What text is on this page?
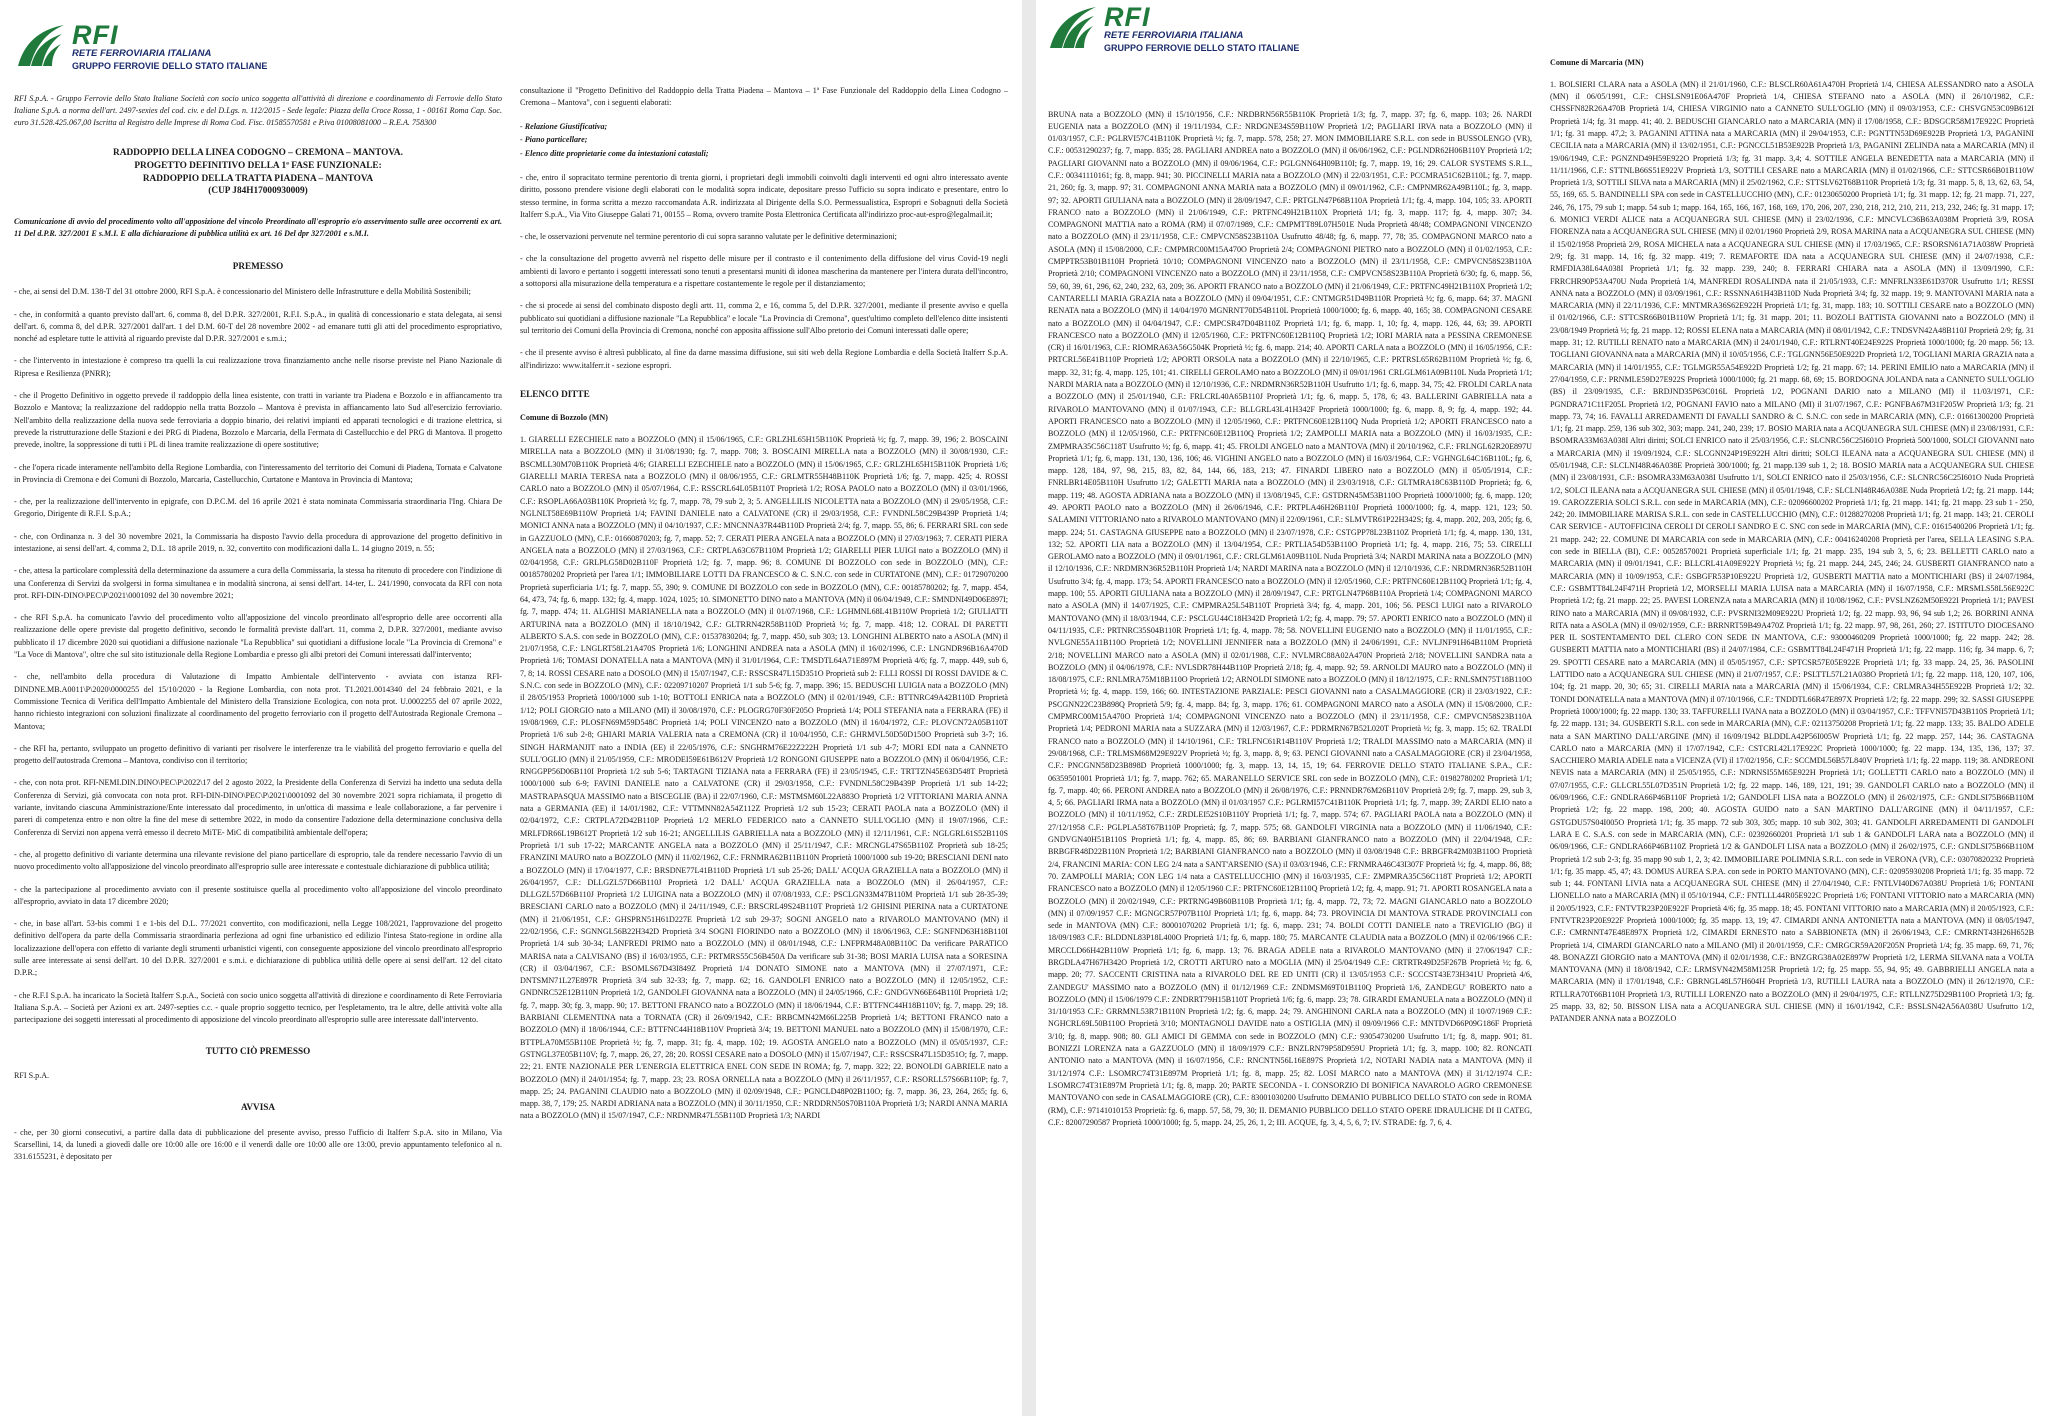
RFI
RETE FERROVIARIA ITALIANA
GRUPPO FERROVIE DELLO STATO ITALIANE

RFI S.p.A. - Gruppo Ferrovie dello Stato Italiane Società con socio unico soggetta all'attività di direzione e coordinamento di Ferrovie dello Stato Italiane S.p.A. a norma dell'art. 2497-sexies del cod. civ. e del D.Lgs. n. 112/2015 - Sede legale: Piazza della Croce Rossa, 1 - 00161 Roma Cap. Soc. euro 31.528.425.067,00 Iscritta al Registro delle Imprese di Roma Cod. Fisc. 01585570581 e P.iva 01008081000 – R.E.A. 758300

RADDOPPIO DELLA LINEA CODOGNO – CREMONA – MANTOVA.
PROGETTO DEFINITIVO DELLA 1ª FASE FUNZIONALE:
RADDOPPIO DELLA TRATTA PIADENA – MANTOVA
(CUP J84H17000930009)

Comunicazione di avvio del procedimento volto all'apposizione del vincolo Preordinato all'esproprio e/o asservimento sulle aree occorrenti ex art. 11 Del d.P.R. 327/2001 E s.M.I. E alla dichiarazione di pubblica utilità ex art. 16 Del dpr 327/2001 e s.M.I.

PREMESSO

- che, ai sensi del D.M. 138-T del 31 ottobre 2000, RFI S.p.A. è concessionario del Ministero delle Infrastrutture e della Mobilità Sostenibili;

- che, in conformità a quanto previsto dall'art. 6, comma 8, del D.P.R. 327/2001, R.F.I. S.p.A., in qualità di concessionario e stata delegata, ai sensi dell'art. 6, comma 8, del d.P.R. 327/2001 dall'art. 1 del D.M. 60-T del 28 novembre 2002 - ad emanare tutti gli atti del procedimento espropriativo, nonché ad espletare tutte le attività al riguardo previste dal D.P.R. 327/2001 e s.m.i.;

- che l'intervento in intestazione è compreso tra quelli la cui realizzazione trova finanziamento anche nelle risorse previste nel Piano Nazionale di Ripresa e Resilienza (PNRR);

- che il Progetto Definitivo in oggetto prevede il raddoppio della linea esistente, con tratti in variante tra Piadena e Bozzolo e in affiancamento tra Bozzolo e Mantova; la realizzazione del raddoppio nella tratta Bozzolo – Mantova è prevista in affiancamento lato Sud all'esercizio ferroviario. Nell'ambito della realizzazione della nuova sede ferroviaria a doppio binario, dei relativi impianti ed apparati tecnologici e di trazione elettrica, si prevede la ristrutturazione delle Stazioni e dei PRG di Piadena, Bozzolo e Marcaria, della Fermata di Castellucchio e del PRG di Mantova. Il progetto prevede, inoltre, la soppressione di tutti i PL di linea tramite realizzazione di opere sostitutive;

- che l'opera ricade interamente nell'ambito della Regione Lombardia, con l'interessamento del territorio dei Comuni di Piadena, Tornata e Calvatone in Provincia di Cremona e dei Comuni di Bozzolo, Marcaria, Castellucchio, Curtatone e Mantova in Provincia di Mantova;

- che, per la realizzazione dell'intervento in epigrafe, con D.P.C.M. del 16 aprile 2021 è stata nominata Commissaria straordinaria l'Ing. Chiara De Gregorio, Dirigente di R.F.I. S.p.A.;

- che, con Ordinanza n. 3 del 30 novembre 2021, la Commissaria ha disposto l'avvio della procedura di approvazione del progetto definitivo in intestazione, ai sensi dell'art. 4, comma 2, D.L. 18 aprile 2019, n. 32, convertito con modificazioni dalla L. 14 giugno 2019, n. 55;

- che, attesa la particolare complessità della determinazione da assumere a cura della Commissaria, la stessa ha ritenuto di procedere con l'indizione di una Conferenza di Servizi da svolgersi in forma simultanea e in modalità sincrona, ai sensi dell'art. 14-ter, L. 241/1990, convocata da RFI con nota prot. RFI-DIN-DINO\PEC\P\2021\0001092 del 30 novembre 2021;

- che RFI S.p.A. ha comunicato l'avvio del procedimento volto all'apposizione del vincolo preordinato all'esproprio delle aree occorrenti alla realizzazione delle opere previste dal progetto definitivo, secondo le formalità previste dall'art. 11, comma 2, D.P.R. 327/2001, mediante avviso pubblicato il 17 dicembre 2020 sui quotidiani a diffusione nazionale "La Repubblica" sui quotidiani a diffusione locale "La Provincia di Cremona" e "La Voce di Mantova", oltre che sul sito istituzionale della Regione Lombardia e presso gli albi pretori dei Comuni interessati dall'intervento;

- che, nell'ambito della procedura di Valutazione di Impatto Ambientale dell'intervento - avviata con istanza RFI-DINDNE.MB.A0011\P\2020\0000255 del 15/10/2020 - la Regione Lombardia, con nota prot. T1.2021.0014340 del 24 febbraio 2021, e la Commissione Tecnica di Verifica dell'Impatto Ambientale del Ministero della Transizione Ecologica, con nota prot. U.0002255 del 07 aprile 2022, hanno richiesto integrazioni con soluzioni finalizzate al coordinamento del progetto ferroviario con il progetto dell'Autostrada Regionale Cremona – Mantova;

- che RFI ha, pertanto, sviluppato un progetto definitivo di varianti per risolvere le interferenze tra le viabilità del progetto ferroviario e quella del progetto dell'autostrada Cremona – Mantova, condiviso con il territorio;

- che, con nota prot. RFI-NEMI.DIN.DINO\PEC\P\2022\17 del 2 agosto 2022, la Presidente della Conferenza di Servizi ha indetto una seduta della Conferenza di Servizi, già convocata con nota prot. RFI-DIN-DINO\PEC\P\2021\0001092 del 30 novembre 2021 sopra richiamata, il progetto di variante, invitando ciascuna Amministrazione/Ente interessato dal procedimento, in un'ottica di massima e leale collaborazione, a far pervenire i pareri di competenza entro e non oltre la fine del mese di settembre 2022, in modo da consentire l'adozione della determinazione conclusiva della Conferenza di Servizi non appena verrà emesso il decreto MiTE- MiC di compatibilità ambientale dell'opera;

- che, al progetto definitivo di variante determina una rilevante revisione del piano particellare di esproprio, tale da rendere necessario l'avvio di un nuovo procedimento volto all'apposizione del vincolo preordinato all'esproprio sulle aree interessate e contestuale dichiarazione di pubblica utilità;

- che la partecipazione al procedimento avviato con il presente sostituisce quella al procedimento volto all'apposizione del vincolo preordinato all'esproprio, avviato in data 17 dicembre 2020;

- che, in base all'art. 53-bis commi 1 e 1-bis del D.L. 77/2021 convertito, con modificazioni, nella Legge 108/2021, l'approvazione del progetto definitivo dell'opera da parte della Commissaria straordinaria perfeziona ad ogni fine urbanistico ed edilizio l'intesa Stato-regione in ordine alla localizzazione dell'opera con effetto di variante degli strumenti urbanistici vigenti, con conseguente apposizione del vincolo preordinato all'esproprio sulle aree interessate ai sensi dell'art. 10 del D.P.R. 327/2001 e s.m.i. e dichiarazione di pubblica utilità delle opere ai sensi dell'art. 12 del citato D.P.R.;

- che R.F.I S.p.A. ha incaricato la Società Italferr S.p.A., Società con socio unico soggetta all'attività di direzione e coordinamento di Rete Ferroviaria Italiana S.p.A. – Società per Azioni ex art. 2497-septies c.c. - quale proprio soggetto tecnico, per l'espletamento, tra le altre, delle attività volte alla partecipazione dei soggetti interessati al procedimento di apposizione del vincolo preordinato all'esproprio sulle aree interessate dall'intervento.

TUTTO CIÒ PREMESSO

RFI S.p.A.

AVVISA

- che, per 30 giorni consecutivi, a partire dalla data di pubblicazione del presente avviso, presso l'ufficio di Italferr S.p.A. sito in Milano, Via Scarsellini, 14, da lunedì a giovedì dalle ore 10:00 alle ore 16:00 e il venerdì dalle ore 10:00 alle ore 13:00, previo appuntamento telefonico al n. 331.6155231, è depositato per

consultazione il "Progetto Definitivo del Raddoppio della Tratta Piadena – Mantova – 1ª Fase Funzionale del Raddoppio della Linea Codogno – Cremona – Mantova", con i seguenti elaborati:

- Relazione Giustificativa;
- Piano particellare;
- Elenco ditte proprietarie come da intestazioni catastali;

- che, entro il sopracitato termine perentorio di trenta giorni, i proprietari degli immobili coinvolti dagli interventi ed ogni altro interessato avente diritto, possono prendere visione degli elaborati con le modalità sopra indicate, depositare presso l'ufficio su sopra indicato e presentare, entro lo stesso termine, in forma scritta a mezzo raccomandata A.R. indirizzata al Dirigente della S.O. Permessualistica, Espropri e Sobagnuti della Società Italferr S.p.A., Via Vito Giuseppe Galati 71, 00155 – Roma, ovvero tramite Posta Elettronica Certificata all'indirizzo proc-aut-espro@legalmail.it;

- che, le osservazioni pervenute nel termine perentorio di cui sopra saranno valutate per le definitive determinazioni;

- che la consultazione del progetto avverrà nel rispetto delle misure per il contrasto e il contenimento della diffusione del virus Covid-19 negli ambienti di lavoro e pertanto i soggetti interessati sono tenuti a presentarsi muniti di idonea mascherina da mantenere per l'intera durata dell'incontro, a sottoporsi alla misurazione della temperatura e a rispettare costantemente le regole per il distanziamento;

- che si procede ai sensi del combinato disposto degli artt. 11, comma 2, e 16, comma 5, del D.P.R. 327/2001, mediante il presente avviso e quella pubblicato sui quotidiani a diffusione nazionale "La Repubblica" e locale "La Provincia di Cremona", quest'ultimo completo dell'elenco ditte insistenti sul territorio dei Comuni della Provincia di Cremona, nonché con apposita affissione sull'Albo pretorio dei Comuni interessati dalle opere;

- che il presente avviso è altresì pubblicato, al fine da darne massima diffusione, sui siti web della Regione Lombardia e della Società Italferr S.p.A. all'indirizzo: www.italferr.it - sezione espropri.

ELENCO DITTE
Comune di Bozzolo (MN)

1. GIARELLI EZECHIELE nato a BOZZOLO (MN) il 15/06/1965, C.F.: GRLZHL65H15B110K Proprietà ½; fg. 7, mapp. 39, 196; 2. BOSCAINI MIRELLA nata a BOZZOLO (MN) il 31/08/1930; fg. 7, mapp. 708; 3. BOSCAINI MIRELLA nata a BOZZOLO (MN) il 30/08/1930, C.F.: BSCMLL30M70B110K Proprietà 4/6; GIARELLI EZECHIELE nato a BOZZOLO (MN) il 15/06/1965, C.F.: GRLZHL65H15B110K Proprietà 1/6; GIARELLI MARIA TERESA nata a BOZZOLO (MN) il 08/06/1955, C.F.: GRLMTR55H48B110K Proprietà 1/6; fg. 7, mapp. 425; 4. ROSSI CARLO nato a BOZZOLO (MN) il 05/07/1964, C.F.: RSSCRL64L05B110T Proprietà 1/2; ROSA PAOLO nato a BOZZOLO (MN) il 03/01/1966, C.F.: RSOPLA66A03B110K Proprietà ½; fg. 7, mapp. 78, 79 sub 2, 3; 5. ANGELLILIS NICOLETTA nata a BOZZOLO (MN) il 29/05/1958, C.F.: NGLNLT58E69B110W Proprietà 1/4; FAVINI DANIELE nato a CALVATONE (CR) il 29/03/1958, C.F.: FVNDNL58C29B439P Proprietà 1/4; MONICI ANNA nata a BOZZOLO (MN) il 04/10/1937, C.F.: MNCNNA37R44B110D Proprietà 2/4; fg. 7, mapp. 55, 86; 6. FERRARI SRL con sede in GAZZUOLO (MN), C.F.: 01660870203; fg. 7, mapp. 52; 7. CERATI PIERA ANGELA nata a BOZZOLO (MN) il 27/03/1963; 7. CERATI PIERA ANGELA nata a BOZZOLO (MN) il 27/03/1963, C.F.: CRTPLA63C67B110M Proprietà 1/2; GIARELLI PIER LUIGI nato a BOZZOLO (MN) il 02/04/1958, C.F.: GRLPLG58D02B110F Proprietà 1/2; fg. 7, mapp. 96; 8. COMUNE DI BOZZOLO con sede in BOZZOLO (MN), C.F.: 00185780202 Proprietà per l'area 1/1; IMMOBILIARE LOTTI DA FRANCESCO & C. S.N.C. con sede in CURTATONE (MN), C.F.: 01729070200 Proprietà superficiaria 1/1; fg. 7, mapp. 55, 390; 9. COMUNE DI BOZZOLO con sede in BOZZOLO (MN), C.F.: 00185780202; fg. 7, mapp. 454, 64, 473, 74; fg. 6, mapp. 132; fg. 4, mapp. 1024, 1025; 10. SIMONETTO DINO nato a MANTOVA (MN) il 06/04/1949, C.F.: SMNDNI49D06E897I; fg. 7, mapp. 474; 11. ALGHISI MARIANELLA nata a BOZZOLO (MN) il 01/07/1968, C.F.: LGHMNL68L41B110W Proprietà 1/2; GIULIATTI ARTURINA nata a BOZZOLO (MN) il 18/10/1942, C.F.: GLTRRN42R58B110D Proprietà ½; fg. 7, mapp. 418; 12. CORAL DI PARETTI ALBERTO S.A.S. con sede in BOZZOLO (MN), C.F.: 01537830204; fg. 7, mapp. 450, sub 303; 13. LONGHINI ALBERTO nato a ASOLA (MN) il 21/07/1958, C.F.: LNGLRT58L21A470S Proprietà 1/6; LONGHINI ANDREA nata a ASOLA (MN) il 16/02/1996, C.F.: LNGNDR96B16A470D Proprietà 1/6; TOMASI DONATELLA nata a MANTOVA (MN) il 31/01/1964, C.F.: TMSDTL64A71E897M Proprietà 4/6; fg. 7, mapp. 449, sub 6, 7, 8; 14. ROSSI CESARE nato a DOSOLO (MN) il 15/07/1947, C.F.: RSSCSR47L15D351O Proprietà sub 2: F.LLI ROSSI DI ROSSI DAVIDE & C. S.N.C. con sede in BOZZOLO (MN), C.F.: 02209710207 Proprietà 1/1 sub 5-6; fg. 7, mapp. 396; 15. BEDUSCHI LUIGIA nata a BOZZOLO (MN) il 28/05/1953 Proprietà 1000/1000 sub 1-10; BOTTOLI ENRICA nata a BOZZOLO (MN) il 02/01/1949, C.F.: BTTNRC49A42B110D Proprietà 1/12; POLI GIORGIO nato a MILANO (MI) il 30/08/1970, C.F.: PLOGRG70F30F205O Proprietà 1/4; POLI STEFANIA nata a FERRARA (FE) il 19/08/1969, C.F.: PLOSFN69M59D548C Proprietà 1/4; POLI VINCENZO nato a BOZZOLO (MN) il 16/04/1972, C.F.: PLOVCN72A05B110T Proprietà 1/6 sub 2-8; GHIARI MARIA VALERIA nata a CREMONA (CR) il 10/04/1950, C.F.: GHRMVL50D50D150O Proprietà sub 3-7; 16. SINGH HARMANJIT nato a INDIA (EE) il 22/05/1976, C.F.: SNGHRM76E22Z222H Proprietà 1/1 sub 4-7; MORI EDI nata a CANNETO SULL'OGLIO (MN) il 21/05/1959, C.F.: MRODEI59E61B612V Proprietà 1/2 RONGONI GIUSEPPE nato a BOZZOLO (MN) il 06/04/1956, C.F.: RNGGPP56D06B110I Proprietà 1/2 sub 5-6; TARTAGNI TIZIANA nata a FERRARA (FE) il 23/05/1945, C.F.: TRTTZN45E63D548T Proprietà 1000/1000 sub 6-9; FAVINI DANIELE nato a CALVATONE (CR) il 29/03/1958, C.F.: FVNDNL58C29B439P Proprietà 1/1 sub 14-22; MASTRAPASQUA MASSIMO nato a BISCEGLIE (BA) il 22/07/1960, C.F.: MSTMSM60L22A883O Proprietà 1/2 VITTORIANI MARIA ANNA nata a GERMANIA (EE) il 14/01/1982, C.F.: VTTMNN82A54Z112Z Proprietà 1/2 sub 15-23; CERATI PAOLA nata a BOZZOLO (MN) il 02/04/1972, C.F.: CRTPLA72D42B110P Proprietà 1/2 MERLO FEDERICO nato a CANNETO SULL'OGLIO (MN) il 19/07/1966, C.F.: MRLFDR66L19B612T Proprietà 1/2 sub 16-21; ANGELLILIS GABRIELLA nata a BOZZOLO (MN) il 12/11/1961, C.F.: NGLGRL61S52B110S Proprietà 1/1 sub 17-22; MARCANTE ANGELA nata a BOZZOLO (MN) il 25/11/1947, C.F.: MRCNGL47S65B110Z Proprietà sub 18-25; FRANZINI MAURO nato a BOZZOLO (MN) il 11/02/1962, C.F.: FRNMRA62B11B110N Proprietà 1000/1000 sub 19-20; BRESCIANI DENI nato a BOZZOLO (MN) il 17/04/1977, C.F.: BRSDNE77L41B110D Proprietà 1/1 sub 25-26; DALL' ACQUA GRAZIELLA nata a BOZZOLO (MN) il 26/04/1957, C.F.: DLLGZL57D66B110J Proprietà 1/2 DALL' ACQUA GRAZIELLA nata a BOZZOLO (MN) il 26/04/1957, C.F.: DLLGZL57D66B110J Proprietà 1/2 LUIGINA nata a BOZZOLO (MN) il 07/08/1933, C.F.: PSCLGN33M47B110M Proprietà 1/1 sub 28-35-39; BRESCIANI CARLO nato a BOZZOLO (MN) il 24/11/1949, C.F.: BRSCRL49S24B110T Proprietà 1/2 GHISINI PIERINA nata a CURTATONE (MN) il 21/06/1951, C.F.: GHSPRN51H61D227E Proprietà 1/2 sub 29-37; SOGNI ANGELO nato a RIVAROLO MANTOVANO (MN) il 22/02/1956, C.F.: SGNNGL56B22H342D Proprietà 3/4 SOGNI FIORINDO nato a BOZZOLO (MN) il 18/06/1963, C.F.: SGNFND63H18B110I Proprietà 1/4 sub 30-34; LANFREDI PRIMO nato a BOZZOLO (MN) il 08/01/1948, C.F.: LNFPRM48A08B110C Da verificare PARATICO MARISA nata a CALVISANO (BS) il 16/03/1955, C.F.: PRTMRS55C56B450A Da verificare sub 31-38; BOSI MARIA LUISA nata a SORESINA (CR) il 03/04/1967, C.F.: BSOMLS67D43I849Z Proprietà 1/4 DONATO SIMONE nato a MANTOVA (MN) il 27/07/1971, C.F.: DNTSMN71L27E897R Proprietà 3/4 sub 32-33; fg. 7, mapp. 62; 16. GANDOLFI ENRICO nato a BOZZOLO (MN) il 12/05/1952, C.F.: GNDNRC52E12B110N Proprietà 1/2, GANDOLFI GIOVANNA nata a BOZZOLO (MN) il 24/05/1966, C.F.: GNDGVN66E64B110I Proprietà 1/2; fg. 7, mapp. 30; fg. 3, mapp. 90; 17. BETTONI FRANCO nato a BOZZOLO (MN) il 18/06/1944, C.F.: BTTFNC44H18B110V; fg. 7, mapp. 29; 18. BARBIANI CLEMENTINA nata a TORNATA (CR) il 26/09/1942, C.F.: BRBCMN42M66L225B Proprietà 1/4; BETTONI FRANCO nato a BOZZOLO (MN) il 18/06/1944, C.F.: BTTFNC44H18B110V Proprietà 3/4; 19. BETTONI MANUEL nato a BOZZOLO (MN) il 15/08/1970, C.F.: BTTPLA70M55B110E Proprietà ½; fg. 7, mapp. 31; fg. 4, mapp. 102; 19. AGOSTA ANGELO nato a BOZZOLO (MN) il 05/05/1937, C.F.: GSTNGL37E05B110V; fg. 7, mapp. 26, 27, 28; 20. ROSSI CESARE nato a DOSOLO (MN) il 15/07/1947, C.F.: RSSCSR47L15D351O; fg. 7, mapp. 22; 21. ENTE NAZIONALE PER L'ENERGIA ELETTRICA ENEL CON SEDE IN ROMA; fg. 7, mapp. 322; 22. BONOLDI GABRIELE nato a BOZZOLO (MN) il 24/01/1954; fg. 7, mapp. 23; 23. ROSA ORNELLA nata a BOZZOLO (MN) il 26/11/1957, C.F.: RSORLL57S66B110P; fg. 7, mapp. 25; 24. PAGANINI CLAUDIO nato a BOZZOLO (MN) il 02/09/1948, C.F.: PGNCLD48P02B110O; fg. 7, mapp. 36, 23, 264, 265; fg. 6, mapp. 38, 7, 179; 25. NARDI ADRIANA nata a BOZZOLO (MN) il 30/11/1950, C.F.: NRDDRN50S70B110A Proprietà 1/3; NARDI ANNA MARIA nata a BOZZOLO (MN) il 15/07/1947, C.F.: NRDNMR47L55B110D Proprietà 1/3; NARDI

RFI
RETE FERROVIARIA ITALIANA
GRUPPO FERROVIE DELLO STATO ITALIANE

BRUNA nata a BOZZOLO (MN) il 15/10/1956, C.F.: NRDBRN56R55B110K Proprietà 1/3; fg. 7, mapp. 37; fg. 6, mapp. 103; 26. NARDI EUGENIA nata a BOZZOLO (MN) il 19/11/1934, C.F.: NRDGNE34S59B110W Proprietà 1/2; PAGLIARI IRVA nata a BOZZOLO (MN) il 01/03/1957, C.F.: PGLRVI57C41B110K Proprietà ½; fg. 7, mapp. 578, 258; 27. MON IMMOBILIARE S.R.L. con sede in BUSSOLENGO (VR), C.F.: 00531290237; fg. 7, mapp. 835; 28. PAGLIARI ANDREA nato a BOZZOLO (MN) il 06/06/1962, C.F.: PGLNDR62H06B110Y Proprietà 1/2; PAGLIARI GIOVANNI nato a BOZZOLO (MN) il 09/06/1964, C.F.: PGLGNN64H09B110I; fg. 7, mapp. 19, 16; 29. CALOR SYSTEMS S.R.L., C.F.: 00341110161; fg. 8, mapp. 941; 30. PICCINELLI MARIA nata a BOZZOLO (MN) il 22/03/1951, C.F.: PCCMRA51C62B110L; fg. 7, mapp. 21, 260; fg. 3, mapp. 97; 31. COMPAGNONI ANNA MARIA nata a BOZZOLO (MN) il 09/01/1962, C.F.: CMPNMR62A49B110L; fg. 3, mapp. 97; 32. APORTI GIULIANA nata a BOZZOLO (MN) il 28/09/1947, C.F.: PRTGLN47P68B110A Proprietà 1/1; fg. 4, mapp. 104, 105; 33. APORTI FRANCO nato a BOZZOLO (MN) il 21/06/1949, C.F.: PRTFNC49H21B110X Proprietà 1/1; fg. 3, mapp. 117; fg. 4, mapp. 307; 34. COMPAGNONI MATTIA nato a ROMA (RM) il 07/07/1989, C.F.: CMPMTT89L07H501E Nuda Proprietà 48/48; COMPAGNONI VINCENZO nato a BOZZOLO (MN) il 23/11/1958, C.F.: CMPVCN58S23B110A Usufrutto 48/48; fg. 6, mapp. 77, 78; 35. COMPAGNONI MARCO nato a ASOLA (MN) il 15/08/2000, C.F.: CMPMRC00M15A470O Proprietà 2/4; COMPAGNONI PIETRO nato a BOZZOLO (MN) il 01/02/1953, C.F.: CMPPTR53B01B110H Proprietà 10/10; COMPAGNONI VINCENZO nato a BOZZOLO (MN) il 23/11/1958, C.F.: CMPVCN58S23B110A Proprietà 2/10; COMPAGNONI VINCENZO nato a BOZZOLO (MN) il 23/11/1958, C.F.: CMPVCN58S23B110A Proprietà 6/30; fg. 6, mapp. 56, 59, 60, 39, 61, 296, 62, 240, 232, 63, 209; 36. APORTI FRANCO nato a BOZZOLO (MN) il 21/06/1949, C.F.: PRTFNC49H21B110X Proprietà 1/2; CANTARELLI MARIA GRAZIA nata a BOZZOLO (MN) il 09/04/1951, C.F.: CNTMGR51D49B110R Proprietà ½; fg. 6, mapp. 64; 37. MAGNI RENATA nata a BOZZOLO (MN) il 14/04/1970 MGNRNT70D54B110L Proprietà 1000/1000; fg. 6, mapp. 40, 165; 38. COMPAGNONI CESARE nato a BOZZOLO (MN) il 04/04/1947, C.F.: CMPCSR47D04B110Z Proprietà 1/1; fg. 6, mapp. 1, 10; fg. 4, mapp. 126, 44, 63; 39. APORTI FRANCESCO nato a BOZZOLO (MN) il 12/05/1960, C.F.: PRTFNC60E12B110Q Proprietà 1/2; IORI MARIA nata a PESSINA CREMONESE (CR) il 16/01/1963, C.F.: RIOMRA63A56G504K Proprietà ½; fg. 6, mapp. 214; 40. APORTI CARLA nata a BOZZOLO (MN) il 16/05/1956, C.F.: PRTCRL56E41B110P Proprietà 1/2; APORTI ORSOLA nata a BOZZOLO (MN) il 22/10/1965, C.F.: PRTRSL65R62B110M Proprietà ½; fg. 6, mapp. 32, 31; fg. 4, mapp. 125, 101; 41. CIRELLI GEROLAMO nato a BOZZOLO (MN) il 09/01/1961 CRLGLM61A09B110L Nuda Proprietà 1/1; NARDI MARIA nata a BOZZOLO (MN) il 12/10/1936, C.F.: NRDMRN36R52B110H Usufrutto 1/1; fg. 6, mapp. 34, 75; 42. FROLDI CARLA nata a BOZZOLO (MN) il 25/01/1940, C.F.: FRLCRL40A65B110J Proprietà 1/1; fg. 6, mapp. 5, 178, 6; 43. BALLERINI GABRIELLA nata a RIVAROLO MANTOVANO (MN) il 01/07/1943, C.F.: BLLGRL43L41H342F Proprietà 1000/1000; fg. 6, mapp. 8, 9; fg. 4, mapp. 192; 44. APORTI FRANCESCO nato a BOZZOLO (MN) il 12/05/1960, C.F.: PRTFNC60E12B110Q Nuda Proprietà 1/2; APORTI FRANCESCO nato a BOZZOLO (MN) il 12/05/1960, C.F.: PRTFNC60E12B110Q Proprietà 1/2; ZAMPOLLI MARIA nata a BOZZOLO (MN) il 16/03/1935, C.F.: ZMPMRA35C56C118T Usufrutto ½; fg. 6, mapp. 41; 45. FROLDI ANGELO nato a MANTOVA (MN) il 20/10/1962, C.F.: FRLNGL62R20E897U Proprietà 1/1; fg. 6, mapp. 131, 130, 136, 106; 46. VIGHINI ANGELO nato a BOZZOLO (MN) il 16/03/1964, C.F.: VGHNGL64C16B110L; fg. 6, mapp. 128, 184, 97, 98, 215, 83, 82, 84, 144, 66, 183, 213; 47. FINARDI LIBERO nato a BOZZOLO (MN) il 05/05/1914, C.F.: FNRLBR14E05B110H Usufrutto 1/2; GALETTI MARIA nata a BOZZOLO (MN) il 23/03/1918, C.F.: GLTMRA18C63B110D Proprietà; fg. 6, mapp. 119; 48. AGOSTA ADRIANA nata a BOZZOLO (MN) il 13/08/1945, C.F.: GSTDRN45M53B110O Proprietà 1000/1000; fg. 6, mapp. 120; 49. APORTI PAOLO nato a BOZZOLO (MN) il 26/06/1946, C.F.: PRTPLA46H26B110J Proprietà 1000/1000; fg. 4, mapp. 121, 123; 50. SALAMINI VITTORIANO nato a RIVAROLO MANTOVANO (MN) il 22/09/1961, C.F.: SLMVTR61P22H342S; fg. 4, mapp. 202, 203, 205; fg. 6, mapp. 224; 51. CASTAGNA GIUSEPPE nato a BOZZOLO (MN) il 23/07/1978, C.F.: CSTGPP78L23B110Z Proprietà 1/1; fg. 4, mapp. 130, 131, 132; 52. APORTI LIA nata a BOZZOLO (MN) il 13/04/1954, C.F.: PRTLIA54D53B110O Proprietà 1/1; fg. 4, mapp. 216, 75; 53. CIRELLI GEROLAMO nato a BOZZOLO (MN) il 09/01/1961, C.F.: CRLGLM61A09B110L Nuda Proprietà 3/4; NARDI MARINA nata a BOZZOLO (MN) il 12/10/1936, C.F.: NRDMRN36R52B110H Proprietà 1/4; NARDI MARINA nata a BOZZOLO (MN) il 12/10/1936, C.F.: NRDMRN36R52B110H Usufrutto 3/4; fg. 4, mapp. 173; 54. APORTI FRANCESCO nato a BOZZOLO (MN) il 12/05/1960, C.F.: PRTFNC60E12B110Q Proprietà 1/1; fg. 4, mapp. 100; 55. APORTI GIULIANA nata a BOZZOLO (MN) il 28/09/1947, C.F.: PRTGLN47P68B110A Proprietà 1/4; COMPAGNONI MARCO nato a ASOLA (MN) il 14/07/1925, C.F.: CMPMRA25L54B110T Proprietà 3/4; fg. 4, mapp. 201, 106; 56. PESCI LUIGI nato a RIVAROLO MANTOVANO (MN) il 18/03/1944, C.F.: PSCLGU44C18H342D Proprietà 1/2; fg. 4, mapp. 79; 57. APORTI ENRICO nato a BOZZOLO (MN) il 04/11/1935, C.F.: PRTNRC35S04B110R Proprietà 1/1; fg. 4, mapp. 78; 58. NOVELLINI EUGENIO nato a BOZZOLO (MN) il 11/01/1955, C.F.: NVLGNE55A11B110O Proprietà 1/2; NOVELLINI JENNIFER nata a BOZZOLO (MN) il 24/06/1991, C.F.: NVLJNF91H64B110M Proprietà 2/18; NOVELLINI MARCO nato a ASOLA (MN) il 02/01/1988, C.F.: NVLMRC88A02A470N Proprietà 2/18; NOVELLINI SANDRA nata a BOZZOLO (MN) il 04/06/1978, C.F.: NVLSDR78H44B110P Proprietà 2/18; fg. 4, mapp. 92; 59. ARNOLDI MAURO nato a BOZZOLO (MN) il 18/08/1975, C.F.: RNLMRA75M18B110O Proprietà 1/2; ARNOLDI SIMONE nato a BOZZOLO (MN) il 18/12/1975, C.F.: RNLSMN75T18B110O Proprietà ½; fg. 4, mapp. 159, 166; 60. INTESTAZIONE PARZIALE: PESCI GIOVANNI nato a CASALMAGGIORE (CR) il 23/03/1922, C.F.: PSCGNN22C23B898Q Proprietà 5/9; fg. 4, mapp. 84; fg. 3, mapp. 176; 61. COMPAGNONI MARCO nato a ASOLA (MN) il 15/08/2000, C.F.: CMPMRC00M15A470O Proprietà 1/4; COMPAGNONI VINCENZO nato a BOZZOLO (MN) il 23/11/1958, C.F.: CMPVCN58S23B110A Proprietà 1/4; PEDRONI MARIA nata a SUZZARA (MN) il 12/03/1967, C.F.: PDRMRN67B52L020T Proprietà ½; fg. 3, mapp. 15; 62. TRALDI FRANCO nato a BOZZOLO (MN) il 14/10/1961, C.F.: TRLFNC61R14B110V Proprietà 1/2; TRALDI MASSIMO nato a MARCARIA (MN) il 29/08/1968, C.F.: TRLMSM68M29E922V Proprietà ½; fg. 3, mapp. 8, 9; 63. PENCI GIOVANNI nato a CASALMAGGIORE (CR) il 23/04/1958, C.F.: PNCGNN58D23B898D Proprietà 1000/1000; fg. 3, mapp. 13, 14, 15, 19; 64. FERROVIE DELLO STATO ITALIANE S.P.A., C.F.: 06359501001 Proprietà 1/1; fg. 7, mapp. 762; 65. MARANELLO SERVICE SRL con sede in BOZZOLO (MN), C.F.: 01982780202 Proprietà 1/1; fg. 7, mapp. 40; 66. PERONI ANDREA nato a BOZZOLO (MN) il 26/08/1976, C.F.: PRNNDR76M26B110V Proprietà 2/9; fg. 7, mapp. 29, sub 3, 4, 5; 66. PAGLIARI IRMA nata a BOZZOLO (MN) il 01/03/1957 C.F.: PGLRMI57C41B110K Proprietà 1/1; fg. 7, mapp. 39; ZARDI ELIO nato a BOZZOLO (MN) il 10/11/1952, C.F.: ZRDLEI52S10B110Y Proprietà 1/1; fg. 7, mapp. 574; 67. PAGLIARI PAOLA nata a BOZZOLO (MN) il 27/12/1958 C.F.: PGLPLA58T67B110P Proprietà; fg. 7, mapp. 575; 68. GANDOLFI VIRGINIA nata a BOZZOLO (MN) il 11/06/1940, C.F.: GNDVGN40H51B110S Proprietà 1/1; fg. 4, mapp. 85, 86; 69. BARBIANI GIANFRANCO nato a BOZZOLO (MN) il 22/04/1948, C.F.: BRBGFR48D22B110N Proprietà 1/2; BARBIANI GIANFRANCO nato a BOZZOLO (MN) il 03/08/1948 C.F.: BRBGFR42M03B110O Proprietà 2/4, FRANCINI MARIA: CON LEG 2/4 nata a SANT'ARSENIO (SA) il 03/03/1946, C.F.: FRNMRA46C43I307F Proprietà ½; fg. 4, mapp. 86, 88; 70. ZAMPOLLI MARIA; CON LEG 1/4 nata a CASTELLUCCHIO (MN) il 16/03/1935, C.F.: ZMPMRA35C56C118T Proprietà 1/2; APORTI FRANCESCO nato a BOZZOLO (MN) il 12/05/1960 C.F.: PRTFNC60E12B110Q Proprietà 1/2; fg. 4, mapp. 91; 71. APORTI ROSANGELA nata a BOZZOLO (MN) il 20/02/1949, C.F.: PRTRNG49B60B110B Proprietà 1/1; fg. 4, mapp. 72, 73; 72. MAGNI GIANCARLO nato a BOZZOLO (MN) il 07/09/1957 C.F.: MGNGCR57P07B110J Proprietà 1/1; fg. 6, mapp. 84; 73. PROVINCIA DI MANTOVA STRADE PROVINCIALI con sede in MANTOVA (MN) C.F.: 80001070202 Proprietà 1/1; fg. 6, mapp. 231; 74. BOLDI COTTI DANIELE nato a TREVIGLIO (BG) il 18/09/1983 C.F.: BLDDNL83P18L400O Proprietà 1/1; fg. 6, mapp. 180; 75. MARCANTE CLAUDIA nata a BOZZOLO (MN) il 02/06/1966 C.F.: MRCCLD66H42B110W Proprietà 1/1; fg. 6, mapp. 13; 76. BRAGA ADELE nata a RIVAROLO MANTOVANO (MN) il 27/06/1947 C.F.: BRGDLA47H67H342O Proprietà 1/2, CROTTI ARTURO nato a MOGLIA (MN) il 25/04/1949 C.F.: CRTRTR49D25F267B Proprietà ½; fg. 6, mapp. 20; 77. SACCENTI CRISTINA nata a RIVAROLO DEL RE ED UNITI (CR) il 13/05/1953 C.F.: SCCCST43E73H341U Proprietà 4/6, ZANDEGU' MASSIMO nato a BOZZOLO (MN) il 01/12/1969 C.F.: ZNDMSM69T01B110Q Proprietà 1/6, ZANDEGU' ROBERTO nato a BOZZOLO (MN) il 15/06/1979 C.F.: ZNDRRT79H15B110T Proprietà 1/6; fg. 6, mapp. 23; 78. GIRARDI EMANUELA nata a BOZZOLO (MN) il 31/10/1953 C.F.: GRRMNL53R71B110N Proprietà 1/2; fg. 6, mapp. 24; 79. ANGHINONI CARLA nata a BOZZOLO (MN) il 10/07/1969 C.F.: NGHCRL69L50B110O Proprietà 3/10; MONTAGNOLI DAVIDE nato a OSTIGLIA (MN) il 09/09/1966 C.F.: MNTDVD66P09G186F Proprietà 3/10; fg. 8, mapp. 908; 80. GLI AMICI DI GEMMA con sede in BOZZOLO (MN) C.F.: 93054730200 Usufrutto 1/1; fg. 8, mapp. 901; 81. BONIZZI LORENZA nata a GAZZUOLO (MN) il 18/09/1979 C.F.: BNZLRN79P58D959U Proprietà 1/1; fg. 3, mapp. 100; 82. RONCATI ANTONIO nato a MANTOVA (MN) il 16/07/1956, C.F.: RNCNTN56L16E897S Proprietà 1/2, NOTARI NADIA nata a MANTOVA (MN) il 31/12/1974 C.F.: LSOMRC74T31E897M Proprietà 1/1; fg. 8, mapp. 25; 82. LOSI MARCO nato a MANTOVA (MN) il 31/12/1974 C.F.: LSOMRC74T31E897M Proprietà 1/1; fg. 8, mapp. 20; PARTE SECONDA - I. CONSORZIO DI BONIFICA NAVAROLO AGRO CREMONESE MANTOVANO con sede in CASALMAGGIORE (CR), C.F.: 83001030200 Usufrutto DEMANIO PUBBLICO DELLO STATO con sede in ROMA (RM), C.F.: 97141010153 Proprietà: fg. 6, mapp. 57, 58, 79, 30; II. DEMANIO PUBBLICO DELLO STATO OPERE IDRAULICHE DI II CATEG, C.F.: 82007290587 Proprietà 1000/1000; fg. 5, mapp. 24, 25, 26, 1, 2; III. ACQUE, fg. 3, 4, 5, 6, 7; IV. STRADE: fg. 7, 6, 4.

Comune di Marcaria (MN)

1. BOLSIERI CLARA nata a ASOLA (MN) il 21/01/1960, C.F.: BLSCLR60A61A470H Proprietà 1/4, CHIESA ALESSANDRO nato a ASOLA (MN) il 06/05/1991, C.F.: CHSLSN91E06A470F Proprietà 1/4, CHIESA STEFANO nato a ASOLA (MN) il 26/10/1982, C.F.: CHSSFN82R26A470B Proprietà 1/4, CHIESA VIRGINIO nato a CANNETO SULL'OGLIO (MN) il 09/03/1953, C.F.: CHSVGN53C09B612I Proprietà 1/4; fg. 31 mapp. 41; 40. 2. BEDUSCHI GIANCARLO nato a MARCARIA (MN) il 17/08/1958, C.F.: BDSGCR58M17E922C Proprietà 1/1; fg. 31 mapp. 47,2; 3. PAGANINI ATTINA nata a MARCARIA (MN) il 29/04/1953, C.F.: PGNTTN53D69E922B Proprietà 1/3, PAGANINI CECILIA nata a MARCARIA (MN) il 13/02/1951, C.F.: PGNCCL51B53E922B Proprietà 1/3, PAGANINI ZELINDA nata a MARCARIA (MN) il 19/06/1949, C.F.: PGNZND49H59E922O Proprietà 1/3; fg. 31 mapp. 3,4; 4. SOTTILE ANGELA BENEDETTA nata a MARCARIA (MN) il 11/11/1966, C.F.: STTNLB66S51E922V Proprietà 1/3, SOTTILI CESARE nato a MARCARIA (MN) il 01/02/1966, C.F.: STTCSR66B01B110W Proprietà 1/3, SOTTILI SILVA nata a MARCARIA (MN) il 25/02/1962, C.F.: STTSLV62T68B110R Proprietà 1/3; fg. 31 mapp. 5, 8, 13, 62, 63, 54, 55, 169, 65. 5. BANDINELLI SPA con sede in CASTELLUCCHIO (MN), C.F.: 01230650200 Proprietà 1/1; fg. 31 mapp. 12; fg. 21 mapp. 71, 227, 246, 76, 175, 79 sub 1; mapp. 54 sub 1; mapp. 164, 165, 166, 167, 168, 169, 170, 206, 207, 230, 218, 212, 210, 211, 213, 232, 246; fg. 31 mapp. 17; 6. MONICI VERDI ALICE nata a ACQUANEGRA SUL CHIESE (MN) il 23/02/1936, C.F.: MNCVLC36B63A038M Proprietà 3/9, ROSA FIORENZA nata a ACQUANEGRA SUL CHIESE (MN) il 02/01/1960 Proprietà 2/9, ROSA MARINA nata a ACQUANEGRA SUL CHIESE (MN) il 15/02/1958 Proprietà 2/9, ROSA MICHELA nata a ACQUANEGRA SUL CHIESE (MN) il 17/03/1965, C.F.: RSORSN61A71A038W Proprietà 2/9; fg. 31 mapp. 14, 16; fg. 32 mapp. 419; 7. REMAFORTE IDA nata a ACQUANEGRA SUL CHIESE (MN) il 24/07/1938, C.F.: RMFDIA38L64A038I Proprietà 1/1; fg. 32 mapp. 239, 240; 8. FERRARI CHIARA nata a ASOLA (MN) il 13/09/1990, C.F.: FRRCHR90P53A470U Nuda Proprietà 1/4, MANFREDI ROSALINDA nata il 21/05/1933, C.F.: MNFRLN33E61D370R Usufrutto 1/1; RESSI ANNA nata a BOZZOLO (MN) il 03/09/1961, C.F.: RSSNNA61H43B110D Nuda Proprietà 3/4; fg. 32 mapp. 19; 9. MANTOVANI MARIA nata a MARCARIA (MN) il 22/11/1936, C.F.: MNTMRA36S62E922H Proprietà 1/1; fg. 31, mapp. 183; 10. SOTTILI CESARE nato a BOZZOLO (MN) il 01/02/1966, C.F.: STTCSR66B01B110W Proprietà 1/1; fg. 31 mapp. 201; 11. BOZOLI BATTISTA GIOVANNI nato a BOZZOLO (MN) il 23/08/1949 Proprietà ½; fg. 21 mapp. 12; ROSSI ELENA nata a MARCARIA (MN) il 08/01/1942, C.F.: TNDSVN42A48B110J Proprietà 2/9; fg. 31 mapp. 31; 12. RUTILLI RENATO nato a MARCARIA (MN) il 24/01/1940, C.F.: RTLRNT40E24E922S Proprietà 1000/1000; fg. 20 mapp. 56; 13. TOGLIANI GIOVANNA nata a MARCARIA (MN) il 10/05/1956, C.F.: TGLGNN56E50E922D Proprietà 1/2, TOGLIANI MARIA GRAZIA nata a MARCARIA (MN) il 14/01/1955, C.F.: TGLMGR55A54E922D Proprietà 1/2; fg. 21 mapp. 67; 14. PERINI EMILIO nato a MARCARIA (MN) il 27/04/1959, C.F.: PRNMLE59D27E922S Proprietà 1000/1000; fg. 21 mapp. 68, 69; 15. BORDOGNA JOLANDA nata a CANNETO SULL'OGLIO (BS) il 23/09/1935, C.F.: BRDJND35P63C016L Proprietà 1/2, POGNANI DARIO nato a MILANO (MI) il 11/03/1971, C.F.: PGNDRA71C11F205L Proprietà 1/2, POGNANI FAVIO nato a MILANO (MI) il 31/07/1967, C.F.: PGNFBA67M31F205W Proprietà 1/3; fg. 21 mapp. 73, 74; 16. FAVALLI ARREDAMENTI DI FAVALLI SANDRO & C. S.N.C. con sede in MARCARIA (MN), C.F.: 01661300200 Proprietà 1/1; fg. 21 mapp. 259, 136 sub 302, 303; mapp. 241, 240, 239; 17. BOSIO MARIA nata a ACQUANEGRA SUL CHIESE (MN) il 23/08/1931, C.F.: BSOMRA33M63A038I Altri diritti; SOLCI ENRICO nato il 25/03/1956, C.F.: SLCNRC56C25I601O Proprietà 500/1000, SOLCI GIOVANNI nato a MARCARIA (MN) il 19/09/1924, C.F.: SLCGNN24P19E922H Altri diritti; SOLCI ILEANA nata a ACQUANEGRA SUL CHIESE (MN) il 05/01/1948, C.F.: SLCLNI48R46A038E Proprietà 300/1000; fg. 21 mapp.139 sub 1, 2; 18. BOSIO MARIA nata a ACQUANEGRA SUL CHIESE (MN) il 23/08/1931, C.F.: BSOMRA33M63A038I Usufrutto 1/1, SOLCI ENRICO nato il 25/03/1956, C.F.: SLCNRC56C25I601O Nuda Proprietà 1/2, SOLCI ILEANA nata a ACQUANEGRA SUL CHIESE (MN) il 05/01/1948, C.F.: SLCLNI48R46A038E Nuda Proprietà 1/2; fg. 21 mapp. 144; 19. CAROZZERIA SOLCI S.R.L. con sede in MARCARIA (MN), C.F.: 02096600202 Proprietà 1/1; fg. 21 mapp. 141; fg. 21 mapp. 23 sub 1 - 250, 242; 20. IMMOBILIARE MARISA S.R.L. con sede in CASTELLUCCHIO (MN), C.F.: 01288270208 Proprietà 1/1; fg. 21 mapp. 143; 21. CEROLI CAR SERVICE - AUTOFFICINA CEROLI DI CEROLI SANDRO E C. SNC con sede in MARCARIA (MN), C.F.: 01615400206 Proprietà 1/1; fg. 21 mapp. 242; 22. COMUNE DI MARCARIA con sede in MARCARIA (MN), C.F.: 00416240208 Proprietà per l'area, SELLA LEASING S.P.A. con sede in BIELLA (BI), C.F.: 00528570021 Proprietà superficiale 1/1; fg. 21 mapp. 235, 194 sub 3, 5, 6; 23. BELLETTI CARLO nato a MARCARIA (MN) il 09/01/1941, C.F.: BLLCRL41A09E922Y Proprietà ½; fg. 21 mapp. 244, 245, 246; 24. GUSBERTI GIANFRANCO nato a MARCARIA (MN) il 10/09/1953, C.F.: GSBGFR53P10E922U Proprietà 1/2, GUSBERTI MATTIA nato a MONTICHIARI (BS) il 24/07/1984, C.F.: GSBMTT84L24F471H Proprietà 1/2, MORSELLI MARIA LUISA nata a MARCARIA (MN) il 16/07/1958, C.F.: MRSMLS58L56E922C Proprietà 1/2; fg. 21 mapp. 22; 25. PAVESI LORENZA nata a MARCARIA (MN) il 10/08/1962, C.F.: PVSLNZ62M50E922I Proprietà 1/1; PAVESI RINO nato a MARCARIA (MN) il 09/08/1932, C.F.: PVSRNI32M09E922U Proprietà 1/2; fg. 22 mapp. 93, 96, 94 sub 1,2; 26. BORRINI ANNA RITA nata a ASOLA (MN) il 09/02/1959, C.F.: BRRNRT59B49A470Z Proprietà 1/1; fg. 22 mapp. 97, 98, 261, 260; 27. ISTITUTO DIOCESANO PER IL SOSTENTAMENTO DEL CLERO CON SEDE IN MANTOVA, C.F.: 93000460209 Proprietà 1000/1000; fg. 22 mapp. 242; 28. GUSBERTI MATTIA nato a MONTICHIARI (BS) il 24/07/1984, C.F.: GSBMTT84L24F471H Proprietà 1/1; fg. 22 mapp. 116; fg. 34 mapp. 6, 7; 29. SPOTTI CESARE nato a MARCARIA (MN) il 05/05/1957, C.F.: SPTCSR57E05E922E Proprietà 1/1; fg. 33 mapp. 24, 25, 36. PASOLINI LATTIDO nato a ACQUANEGRA SUL CHIESE (MN) il 21/07/1957, C.F.: PSLTTL57L21A038O Proprietà 1/1; fg. 22 mapp. 118, 120, 107, 106, 104; fg. 21 mapp. 20, 30; 65; 31. CIRELLI MARIA nata a MARCARIA (MN) il 15/06/1934, C.F.: CRLMRA34H55E922B Proprietà 1/2; 32. TONDI DONATELLA nata a MANTOVA (MN) il 07/10/1966, C.F.: TNDDTL66R47E897X Proprietà 1/2; fg. 22 mapp. 299; 32. SASSI GIUSEPPE Proprietà 1000/1000; fg. 22 mapp. 130; 33. TAFFURELLI IVANA nata a BOZZOLO (MN) il 03/04/1957, C.F.: TFFVNI57D43B110S Proprietà 1/1; fg. 22 mapp. 131; 34. GUSBERTI S.R.L. con sede in MARCARIA (MN), C.F.: 02113750208 Proprietà 1/1; fg. 22 mapp. 133; 35. BALDO ADELE nata a SAN MARTINO DALL'ARGINE (MN) il 16/09/1942 BLDDLA42P56I005W Proprietà 1/1; fg. 22 mapp. 257, 144; 36. CASTAGNA CARLO nato a MARCARIA (MN) il 17/07/1942, C.F.: CSTCRL42L17E922C Proprietà 1000/1000; fg. 22 mapp. 134, 135, 136, 137; 37. SACCHIERO MARIA ADELE nata a VICENZA (VI) il 17/02/1956, C.F.: SCCMDL56B57L840V Proprietà 1/1; fg. 22 mapp. 119; 38. ANDREONI NEVIS nata a MARCARIA (MN) il 25/05/1955, C.F.: NDRNSI55M65E922H Proprietà 1/1; GOLLETTI CARLO nato a BOZZOLO (MN) il 07/07/1955, C.F.: GLLCRL55L07D351N Proprietà 1/2; fg. 22 mapp. 146, 189, 121, 191; 39. GANDOLFI CARLO nato a BOZZOLO (MN) il 06/09/1966, C.F.: GNDLRA66P46B110F Proprietà 1/2; GANDOLFI LISA nata a BOZZOLO (MN) il 26/02/1975, C.F.: GNDLSI75B66B110M Proprietà 1/2; fg. 22 mapp. 198, 200; 40. AGOSTA GUIDO nato a SAN MARTINO DALL'ARGINE (MN) il 04/11/1957, C.F.: GSTGDU57S04I005O Proprietà 1/1; fg. 35 mapp. 72 sub 303, 305; mapp. 10 sub 302, 303; 41. GANDOLFI ARREDAMENTI DI GANDOLFI LARA E C. S.A.S. con sede in MARCARIA (MN), C.F.: 02392660201 Proprietà 1/1 sub 1 & GANDOLFI LARA nata a BOZZOLO (MN) il 06/09/1966, C.F.: GNDLRA66P46B110Z Proprietà 1/2 & GANDOLFI LISA nata a BOZZOLO (MN) il 26/02/1975, C.F.: GNDLSI75B66B110M Proprietà 1/2 sub 2-3; fg. 35 mapp 90 sub 1, 2, 3; 42. IMMOBILIARE POLIMNIA S.R.L. con sede in VERONA (VR), C.F.: 03070820232 Proprietà 1/1; fg. 35 mapp. 45, 47; 43. DOMUS AUREA S.P.A. con sede in PORTO MANTOVANO (MN), C.F.: 02095930208 Proprietà 1/1; fg. 35 mapp. 72 sub 1; 44. FONTANI LIVIA nata a ACQUANEGRA SUL CHIESE (MN) il 27/04/1940, C.F.: FNTLVI40D67A038U Proprietà 1/6; FONTANI LIONELLO nato a MARCARIA (MN) il 05/10/1944, C.F.: FNTLLL44R05E922C Proprietà 1/6; FONTANI VITTORIO nato a MARCARIA (MN) il 20/05/1923, C.F.: FNTVTR23P20E922F Proprietà 4/6; fg. 35 mapp. 18; 45. FONTANI VITTORIO nato a MARCARIA (MN) il 20/05/1923, C.F.: FNTVTR23P20E922F Proprietà 1000/1000; fg. 35 mapp. 13, 19; 47. CIMARDI ANNA ANTONIETTA nata a MANTOVA (MN) il 08/05/1947, C.F.: CMRNNT47E48E897X Proprietà 1/2, CIMARDI ERNESTO nato a SABBIONETA (MN) il 26/06/1943, C.F.: CMRRNT43H26H652B Proprietà 1/4, CIMARDI GIANCARLO nato a MILANO (MI) il 20/01/1959, C.F.: CMRGCR59A20F205N Proprietà 1/4; fg. 35 mapp. 69, 71, 76; 48. BONAZZI GIORGIO nato a MANTOVA (MN) il 02/01/1938, C.F.: BNZGRG38A02E897W Proprietà 1/2, LERMA SILVANA nata a VOLTA MANTOVANA (MN) il 18/08/1942, C.F.: LRMSVN42M58M125R Proprietà 1/2; fg. 25 mapp. 55, 94, 95; 49. GABBRIELLI ANGELA nata a MARCARIA (MN) il 17/01/1948, C.F.: GBRNGL48L57H604H Proprietà 1/3, RUTILLI LAURA nata a BOZZOLO (MN) il 26/12/1970, C.F.: RTLLRA70T66B110H Proprietà 1/3, RUTILLI LORENZO nato a BOZZOLO (MN) il 29/04/1975, C.F.: RTLLNZ75D29B110O Proprietà 1/3; fg. 25 mapp. 33, 82; 50. BISSON LISA nata a ACQUANEGRA SUL CHIESE (MN) il 16/01/1942, C.F.: BSSLSN42A56A038U Usufrutto 1/2, PATANDER ANNA nata a BOZZOLO
